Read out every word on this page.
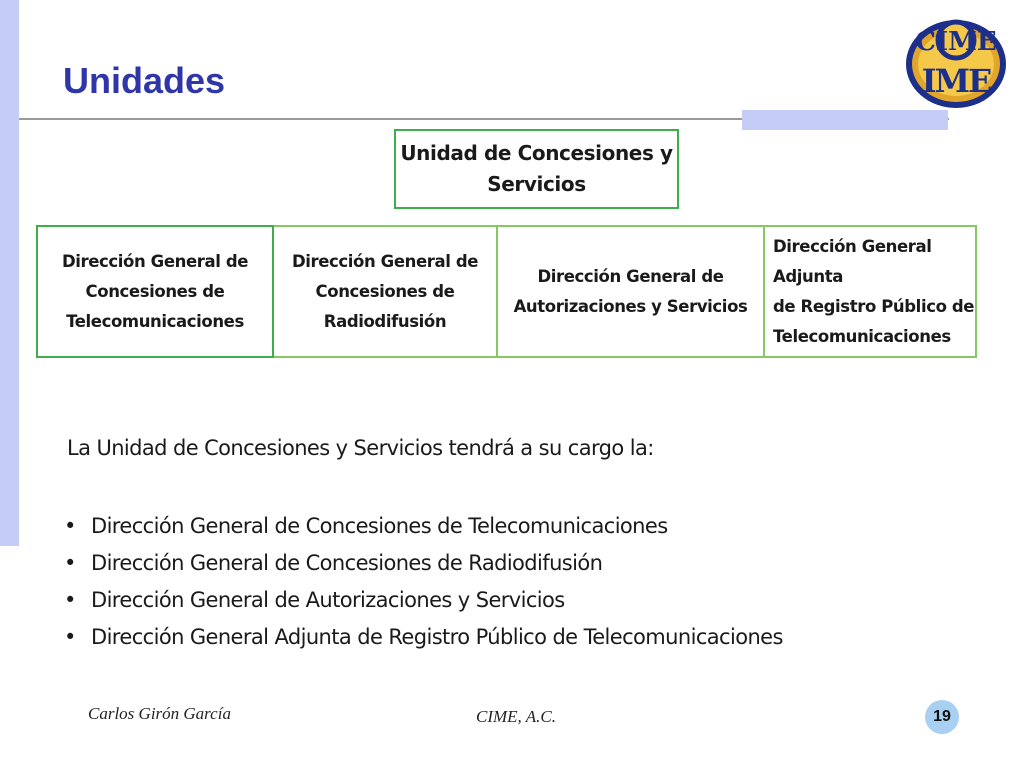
Unidades
CIME
IME
Unidad de Concesiones y
Servicios
Dirección General de
Concesiones de
Telecomunicaciones
Dirección General de
Concesiones de
Radiodifusión
Dirección General de
Autorizaciones y Servicios
Dirección General Adjunta
de Registro Público de
Telecomunicaciones

La Unidad de Concesiones y Servicios tendrá a su cargo la:

• Dirección General de Concesiones de Telecomunicaciones
• Dirección General de Concesiones de Radiodifusión
• Dirección General de Autorizaciones y Servicios
• Dirección General Adjunta de Registro Público de Telecomunicaciones
Carlos Girón García	CIME, A.C.	19
